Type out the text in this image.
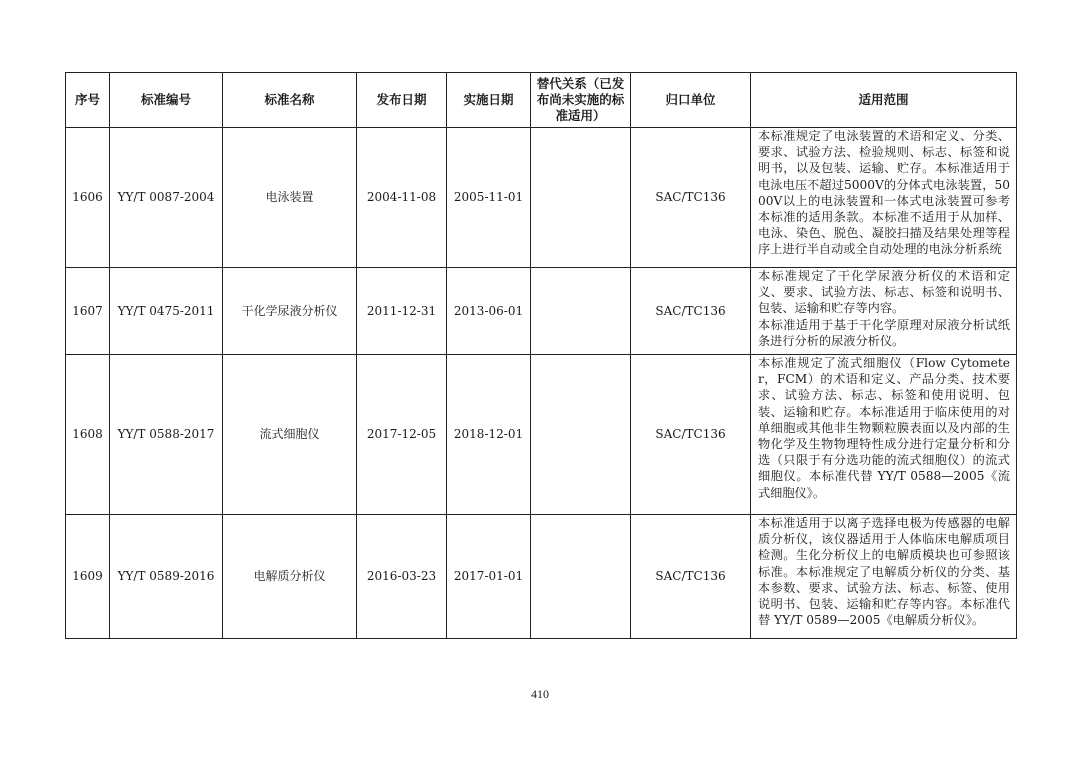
序号	标准编号	标准名称	发布日期	实施日期	替代关系（已发布尚未实施的标准适用）	归口单位	适用范围
1606	YY/T 0087-2004	电泳装置	2004-11-08	2005-11-01		SAC/TC136	本标准规定了电泳装置的术语和定义、分类、要求、试验方法、检验规则、标志、标签和说明书，以及包装、运输、贮存。本标准适用于电泳电压不超过5000V的分体式电泳装置，5000V以上的电泳装置和一体式电泳装置可参考本标准的适用条款。本标准不适用于从加样、电泳、染色、脱色、凝胶扫描及结果处理等程序上进行半自动或全自动处理的电泳分析系统
1607	YY/T 0475-2011	干化学尿液分析仪	2011-12-31	2013-06-01		SAC/TC136	本标准规定了干化学尿液分析仪的术语和定义、要求、试验方法、标志、标签和说明书、包装、运输和贮存等内容。
本标准适用于基于干化学原理对尿液分析试纸条进行分析的尿液分析仪。
1608	YY/T 0588-2017	流式细胞仪	2017-12-05	2018-12-01		SAC/TC136	本标准规定了流式细胞仪（Flow Cytometer，FCM）的术语和定义、产品分类、技术要求、试验方法、标志、标签和使用说明、包装、运输和贮存。本标准适用于临床使用的对单细胞或其他非生物颗粒膜表面以及内部的生物化学及生物物理特性成分进行定量分析和分选（只限于有分选功能的流式细胞仪）的流式细胞仪。本标准代替 YY/T 0588—2005《流式细胞仪》。
1609	YY/T 0589-2016	电解质分析仪	2016-03-23	2017-01-01		SAC/TC136	本标准适用于以离子选择电极为传感器的电解质分析仪，该仪器适用于人体临床电解质项目检测。生化分析仪上的电解质模块也可参照该标准。本标准规定了电解质分析仪的分类、基本参数、要求、试验方法、标志、标签、使用说明书、包装、运输和贮存等内容。本标准代替 YY/T 0589—2005《电解质分析仪》。
410
